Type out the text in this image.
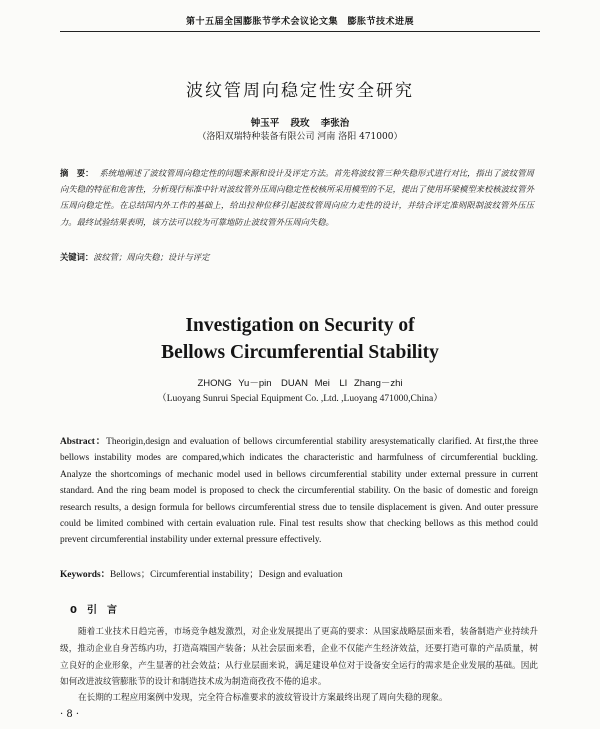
第十五届全国膨胀节学术会议论文集　膨胀节技术进展
波纹管周向稳定性安全研究
钟玉平 段玫 李张治
（洛阳双瑞特种装备有限公司 河南 洛阳 471000）
摘　要： 系统地阐述了波纹管周向稳定性的问题来源和设计及评定方法。首先将波纹管三种失稳形式进行对比，指出了波纹管周向失稳的特征和危害性，分析现行标准中针对波纹管外压周向稳定性校核所采用模型的不足，提出了使用环梁模型来校核波纹管外压周向稳定性。在总结国内外工作的基础上，给出拉伸位移引起波纹管周向应力走性的设计，并结合评定准则限制波纹管外压压力。最终试验结果表明，该方法可以较为可靠地防止波纹管外压周向失稳。
关键词：波纹管；周向失稳；设计与评定
Investigation on Security of
Bellows Circumferential Stability
ZHONG Yu－pin　DUAN Mei　LI Zhang－zhi
（Luoyang Sunrui Special Equipment Co. ,Ltd. ,Luoyang 471000,China）
Abstract：Theorigin,design and evaluation of bellows circumferential stability aresystematically clarified. At first,the three bellows instability modes are compared,which indicates the characteristic and harmfulness of circumferential buckling. Analyze the shortcomings of mechanic model used in bellows circumferential stability under external pressure in current standard. And the ring beam model is proposed to check the circumferential stability. On the basic of domestic and foreign research results, a design formula for bellows circumferential stress due to tensile displacement is given. And outer pressure could be limited combined with certain evaluation rule. Final test results show that checking bellows as this method could prevent circumferential instability under external pressure effectively.
Keywords：Bellows；Circumferential instability；Design and evaluation
0　引　言
随着工业技术日趋完善，市场竞争越发激烈，对企业发展提出了更高的要求：从国家战略层面来看，装备制造产业持续升级，推动企业自身苦练内功，打造高端国产装备；从社会层面来看，企业不仅能产生经济效益，还要打造可靠的产品质量，树立良好的企业形象，产生显著的社会效益；从行业层面来说，满足建设单位对于设备安全运行的需求是企业发展的基础。因此如何改进波纹管膨胀节的设计和制造技术成为制造商孜孜不倦的追求。
在长期的工程应用案例中发现，完全符合标准要求的波纹管设计方案最终出现了周向失稳的现象。
· 8 ·
